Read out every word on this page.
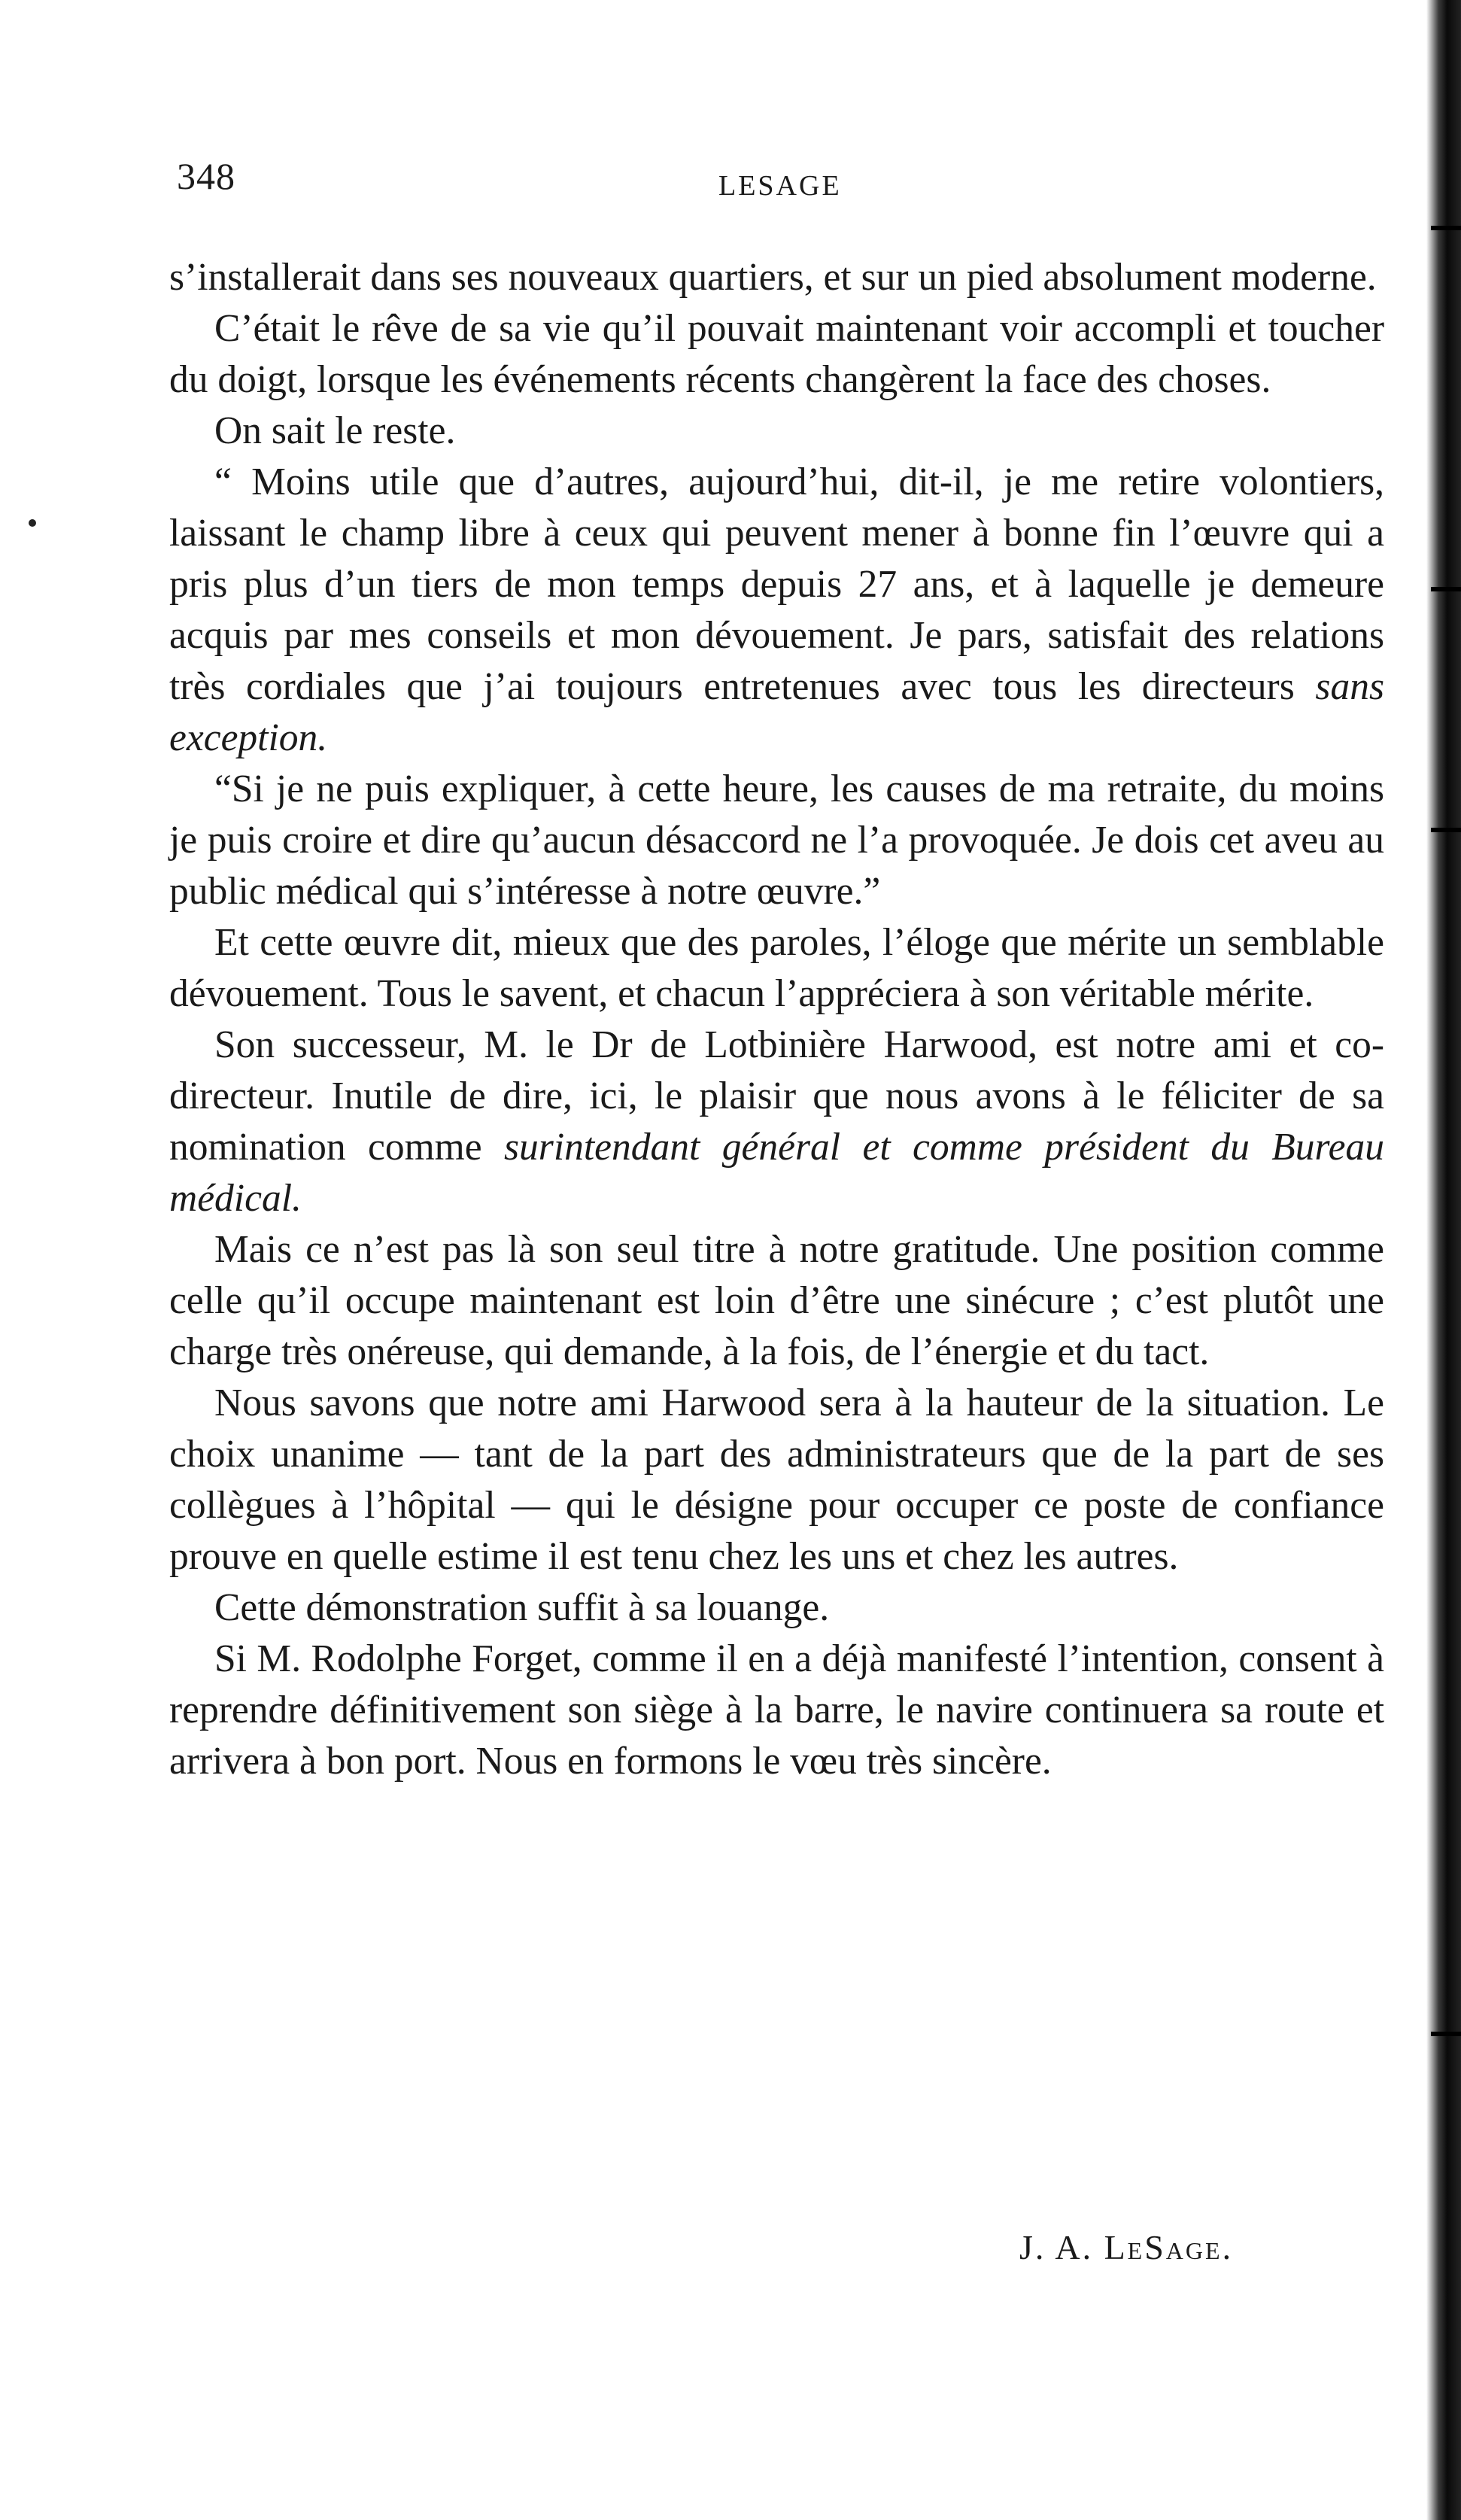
348	LESAGE

s’installerait dans ses nouveaux quartiers, et sur un pied absolument moderne.

C’était le rêve de sa vie qu’il pouvait maintenant voir accompli et toucher du doigt, lorsque les événements récents changèrent la face des choses.

On sait le reste.

“ Moins utile que d’autres, aujourd’hui, dit-il, je me retire volontiers, laissant le champ libre à ceux qui peuvent mener à bonne fin l’œuvre qui a pris plus d’un tiers de mon temps depuis 27 ans, et à laquelle je demeure acquis par mes conseils et mon dévouement. Je pars, satisfait des relations très cordiales que j’ai toujours entretenues avec tous les directeurs sans exception.

“Si je ne puis expliquer, à cette heure, les causes de ma retraite, du moins je puis croire et dire qu’aucun désaccord ne l’a provoquée. Je dois cet aveu au public médical qui s’intéresse à notre œuvre.”

Et cette œuvre dit, mieux que des paroles, l’éloge que mérite un semblable dévouement. Tous le savent, et chacun l’appréciera à son véritable mérite.

Son successeur, M. le Dr de Lotbinière Harwood, est notre ami et co-directeur. Inutile de dire, ici, le plaisir que nous avons à le féliciter de sa nomination comme surintendant général et comme président du Bureau médical.

Mais ce n’est pas là son seul titre à notre gratitude. Une position comme celle qu’il occupe maintenant est loin d’être une sinécure ; c’est plutôt une charge très onéreuse, qui demande, à la fois, de l’énergie et du tact.

Nous savons que notre ami Harwood sera à la hauteur de la situation. Le choix unanime — tant de la part des administrateurs que de la part de ses collègues à l’hôpital — qui le désigne pour occuper ce poste de confiance prouve en quelle estime il est tenu chez les uns et chez les autres.

Cette démonstration suffit à sa louange.

Si M. Rodolphe Forget, comme il en a déjà manifesté l’intention, consent à reprendre définitivement son siège à la barre, le navire continuera sa route et arrivera à bon port. Nous en formons le vœu très sincère.

J. A. LeSage.
